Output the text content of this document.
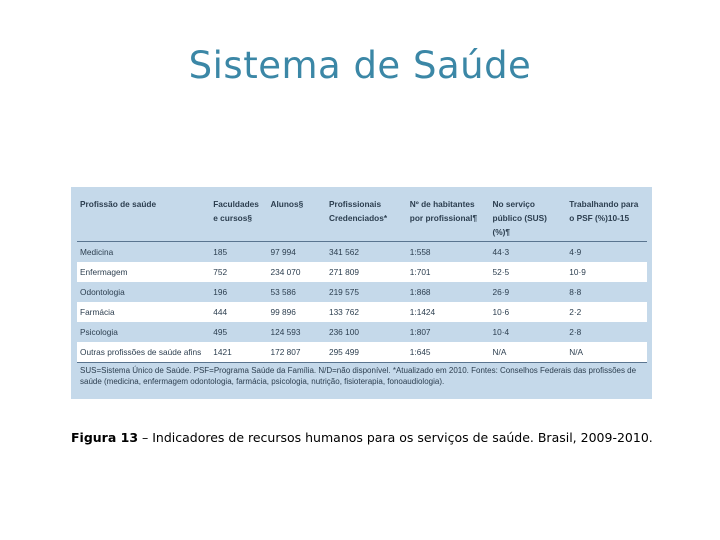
Sistema de Saúde
Profissão de saúde	Faculdades e cursos§	Alunos§	Profissionais Credenciados*	Nº de habitantes por profissional¶	No serviço público (SUS) (%)¶	Trabalhando para o PSF (%)10-15
Medicina	185	97 994	341 562	1:558	44·3	4·9
Enfermagem	752	234 070	271 809	1:701	52·5	10·9
Odontologia	196	53 586	219 575	1:868	26·9	8·8
Farmácia	444	99 896	133 762	1:1424	10·6	2·2
Psicologia	495	124 593	236 100	1:807	10·4	2·8
Outras profissões de saúde afins	1421	172 807	295 499	1:645	N/A	N/A
SUS=Sistema Único de Saúde. PSF=Programa Saúde da Família. N/D=não disponível. *Atualizado em 2010. Fontes: Conselhos Federais das profissões de saúde (medicina, enfermagem odontologia, farmácia, psicologia, nutrição, fisioterapia, fonoaudiologia).
Figura 13 – Indicadores de recursos humanos para os serviços de saúde. Brasil, 2009-2010.
